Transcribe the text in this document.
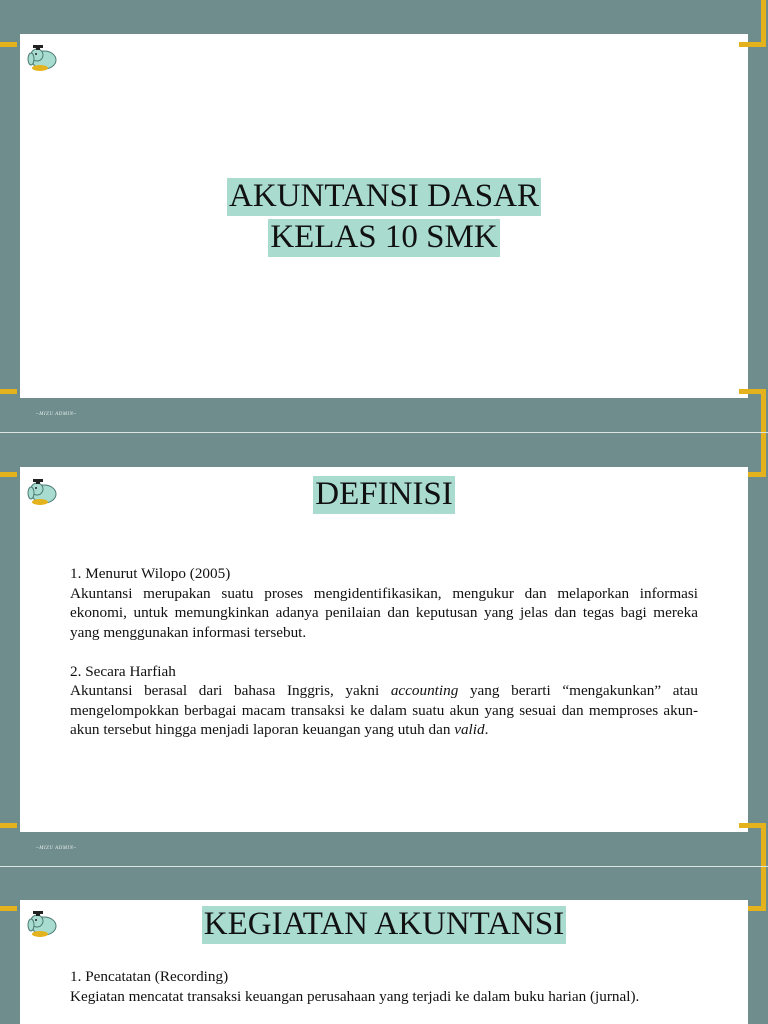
AKUNTANSI DASAR
KELAS 10 SMK
~MIZU ADMIN~
DEFINISI

1. Menurut Wilopo (2005)

Akuntansi merupakan suatu proses mengidentifikasikan, mengukur dan melaporkan informasi ekonomi, untuk memungkinkan adanya penilaian dan keputusan yang jelas dan tegas bagi mereka yang menggunakan informasi tersebut.

2. Secara Harfiah

Akuntansi berasal dari bahasa Inggris, yakni accounting yang berarti “mengakunkan” atau mengelompokkan berbagai macam transaksi ke dalam suatu akun yang sesuai dan memproses akun-akun tersebut hingga menjadi laporan keuangan yang utuh dan valid.

~MIZU ADMIN~
KEGIATAN AKUNTANSI

1. Pencatatan (Recording)

Kegiatan mencatat transaksi keuangan perusahaan yang terjadi ke dalam buku harian (jurnal).
